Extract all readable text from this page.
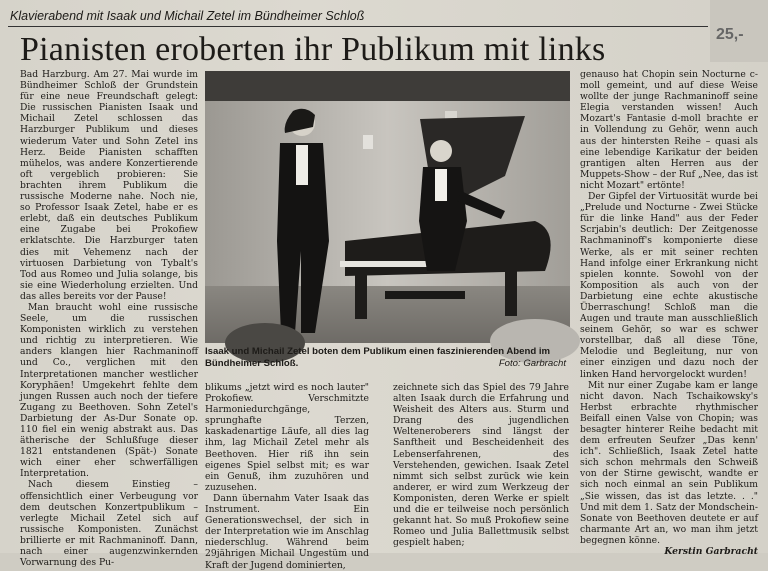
25,-
Klavierabend mit Isaak und Michail Zetel im Bündheimer Schloß
Pianisten eroberten ihr Publikum mit links

Bad Harzburg. Am 27. Mai wurde im Bündheimer Schloß der Grundstein für eine neue Freundschaft gelegt: Die russischen Pianisten Isaak und Michail Zetel schlossen das Harzburger Publikum und dieses wiederum Vater und Sohn Zetel ins Herz. Beide Pianisten schafften mühelos, was andere Konzertierende oft vergeblich probieren: Sie brachten ihrem Publikum die russische Moderne nahe. Noch nie, so Professor Isaak Zetel, habe er es erlebt, daß ein deutsches Publikum eine Zugabe bei Prokofiew erklatschte. Die Harzburger taten dies mit Vehemenz nach der virtuosen Darbietung von Tybalt's Tod aus Romeo und Julia solange, bis sie eine Wiederholung erzielten. Und das alles bereits vor der Pause!

Man braucht wohl eine russische Seele, um die russischen Komponisten wirklich zu verstehen und richtig zu interpretieren. Wie anders klangen hier Rachmaninoff und Co., verglichen mit den Interpretationen mancher westlicher Koryphäen! Umgekehrt fehlte dem jungen Russen auch noch der tiefere Zugang zu Beethoven. Sohn Zetel's Darbietung der As-Dur Sonate op. 110 fiel ein wenig abstrakt aus. Das ätherische der Schlußfuge dieser 1821 entstandenen (Spät-) Sonate wich einer eher schwerfälligen Interpretation.

Nach diesem Einstieg – offensichtlich einer Verbeugung vor dem deutschen Konzertpublikum – verlegte Michail Zetel sich auf russische Komponisten. Zunächst brillierte er mit Rachmaninoff. Dann, nach einer augenzwinkernden Vorwarnung des Pu-

Isaak und Michail Zetel boten dem Publikum einen faszinierenden Abend im Bündheimer Schloß.	Foto: Garbracht

blikums „jetzt wird es noch lauter" Prokofiew. Verschmitzte Harmoniedurchgänge, sprunghafte Terzen, kaskadenartige Läufe, all dies lag ihm, lag Michail Zetel mehr als Beethoven. Hier riß ihn sein eigenes Spiel selbst mit; es war ein Genuß, ihm zuzuhören und zuzusehen.

Dann übernahm Vater Isaak das Instrument. Ein Generationswechsel, der sich in der Interpretation wie im Anschlag niederschlug. Während beim 29jährigen Michail Ungestüm und Kraft der Jugend dominierten,

zeichnete sich das Spiel des 79 Jahre alten Isaak durch die Erfahrung und Weisheit des Alters aus. Sturm und Drang des jugendlichen Welteneroberers sind längst der Sanftheit und Bescheidenheit des Lebenserfahrenen, des Verstehenden, gewichen. Isaak Zetel nimmt sich selbst zurück wie kein anderer, er wird zum Werkzeug der Komponisten, deren Werke er spielt und die er teilweise noch persönlich gekannt hat. So muß Prokofiew seine Romeo und Julia Ballettmusik selbst gespielt haben;

genauso hat Chopin sein Nocturne c-moll gemeint, und auf diese Weise wollte der junge Rachmaninoff seine Elegia verstanden wissen! Auch Mozart's Fantasie d-moll brachte er in Vollendung zu Gehör, wenn auch aus der hintersten Reihe – quasi als eine lebendige Karikatur der beiden grantigen alten Herren aus der Muppets-Show – der Ruf „Nee, das ist nicht Mozart" ertönte!

Der Gipfel der Virtuosität wurde bei „Prelude und Nocturne - Zwei Stücke für die linke Hand" aus der Feder Scrjabin's deutlich: Der Zeitgenosse Rachmaninoff's komponierte diese Werke, als er mit seiner rechten Hand infolge einer Erkrankung nicht spielen konnte. Sowohl von der Komposition als auch von der Darbietung eine echte akustische Überraschung! Schloß man die Augen und traute man ausschließlich seinem Gehör, so war es schwer vorstellbar, daß all diese Töne, Melodie und Begleitung, nur von einer einzigen und dazu noch der linken Hand hervorgelockt wurden!

Mit nur einer Zugabe kam er lange nicht davon. Nach Tschaikowsky's Herbst erbrachte rhythmischer Beifall einen Valse von Chopin; was besagter hinterer Reihe bedacht mit dem erfreuten Seufzer „Das kenn' ich". Schließlich, Isaak Zetel hatte sich schon mehrmals den Schweiß von der Stirne gewischt, wandte er sich noch einmal an sein Publikum „Sie wissen, das ist das letzte. . ." Und mit dem 1. Satz der Mondschein-Sonate von Beethoven deutete er auf charmante Art an, wo man ihm jetzt begegnen könne.

Kerstin Garbracht
